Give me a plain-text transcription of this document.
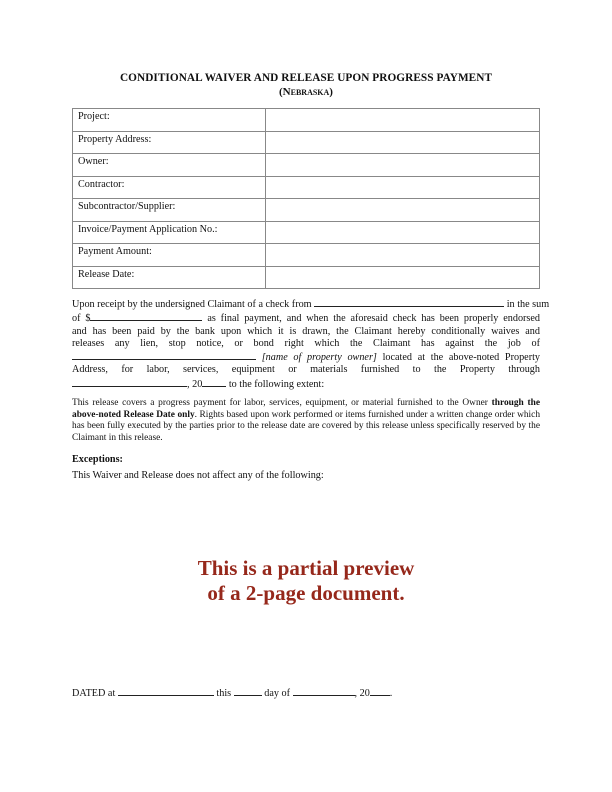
CONDITIONAL WAIVER AND RELEASE UPON PROGRESS PAYMENT
(Nebraska)
Project:	
Property Address:	
Owner:	
Contractor:	
Subcontractor/Supplier:	
Invoice/Payment Application No.:	
Payment Amount:	
Release Date:	
Upon receipt by the undersigned Claimant of a check from	in the sum
of $	as final payment, and when the aforesaid check has been properly endorsed
and has been paid by the bank upon which it is drawn, the Claimant hereby conditionally waives and
releases any lien, stop notice, or bond right which the Claimant has against the job of
[name of property owner] located at the above-noted Property
Address, for labor, services, equipment or materials furnished to the Property through
, 20	to the following extent:
This release covers a progress payment for labor, services, equipment, or material furnished to the Owner through the above-noted Release Date only. Rights based upon work performed or items furnished under a written change order which has been fully executed by the parties prior to the release date are covered by this release unless specifically reserved by the Claimant in this release.
Exceptions:
This Waiver and Release does not affect any of the following:
This is a partial preview
of a 2-page document.
DATED at	this	day of	, 20 .
